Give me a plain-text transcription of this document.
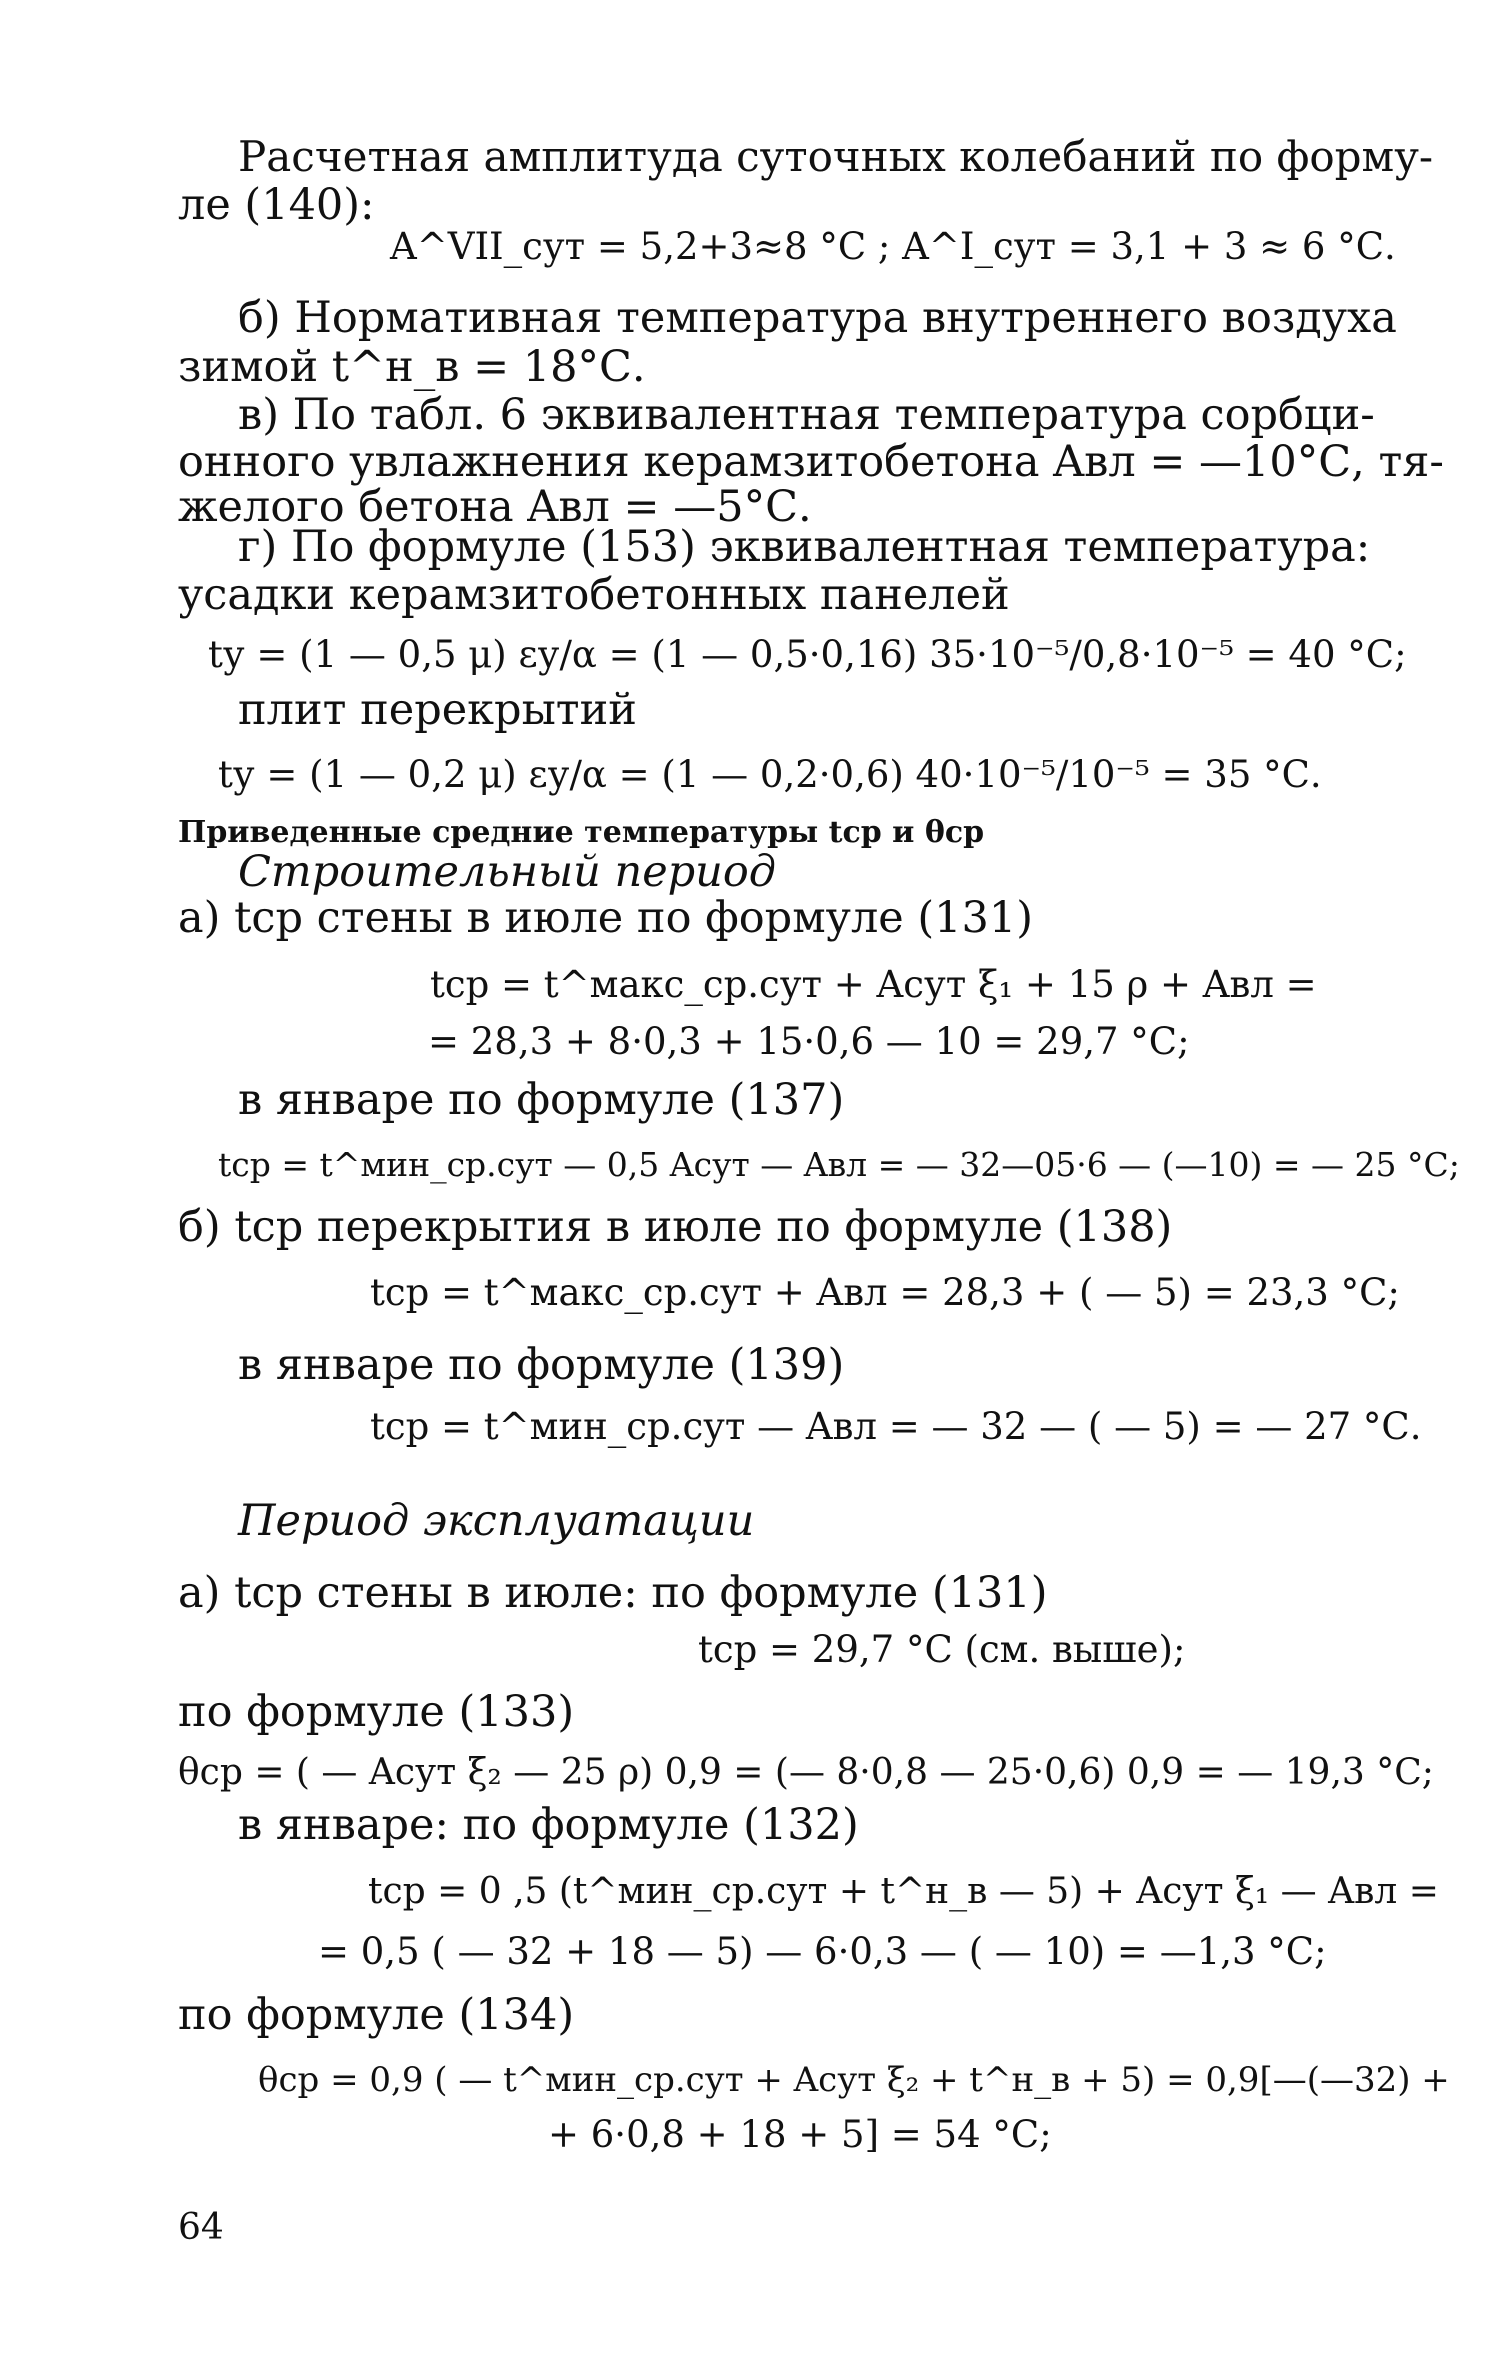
Расчетная амплитуда суточных колебаний по форму-
ле (140):
A^VII_сут = 5,2+3≈8 °С ; A^I_сут = 3,1 + 3 ≈ 6 °С.
б) Нормативная температура внутреннего воздуха
зимой t^н_в = 18°С.
в) По табл. 6 эквивалентная температура сорбци-
онного увлажнения керамзитобетона Aвл = —10°С, тя-
желого бетона Aвл = —5°С.
г) По формуле (153) эквивалентная температура:
усадки керамзитобетонных панелей
tу = (1 — 0,5 μ) εу/α = (1 — 0,5·0,16) 35·10⁻⁵/0,8·10⁻⁵ = 40 °С;
плит перекрытий
tу = (1 — 0,2 μ) εу/α = (1 — 0,2·0,6) 40·10⁻⁵/10⁻⁵ = 35 °С.
Приведенные средние температуры tср и θср
Строительный период
а) tср стены в июле по формуле (131)
tср = t^макс_ср.сут + Aсут ξ₁ + 15 ρ + Aвл =
= 28,3 + 8·0,3 + 15·0,6 — 10 = 29,7 °С;
в январе по формуле (137)
tср = t^мин_ср.сут — 0,5 Aсут — Aвл = — 32—05·6 — (—10) = — 25 °С;
б) tср перекрытия в июле по формуле (138)
tср = t^макс_ср.сут + Aвл = 28,3 + ( — 5) = 23,3 °С;
в январе по формуле (139)
tср = t^мин_ср.сут — Aвл = — 32 — ( — 5) = — 27 °С.
Период эксплуатации
а) tср стены в июле: по формуле (131)
tср = 29,7 °С (см. выше);
по формуле (133)
θср = ( — Aсут ξ₂ — 25 ρ) 0,9 = (— 8·0,8 — 25·0,6) 0,9 = — 19,3 °С;
в январе: по формуле (132)
tср = 0 ,5 (t^мин_ср.сут + t^н_в — 5) + Aсут ξ₁ — Aвл =
= 0,5 ( — 32 + 18 — 5) — 6·0,3 — ( — 10) = —1,3 °С;
по формуле (134)
θср = 0,9 ( — t^мин_ср.сут + Aсут ξ₂ + t^н_в + 5) = 0,9[—(—32) +
+ 6·0,8 + 18 + 5] = 54 °С;
64
